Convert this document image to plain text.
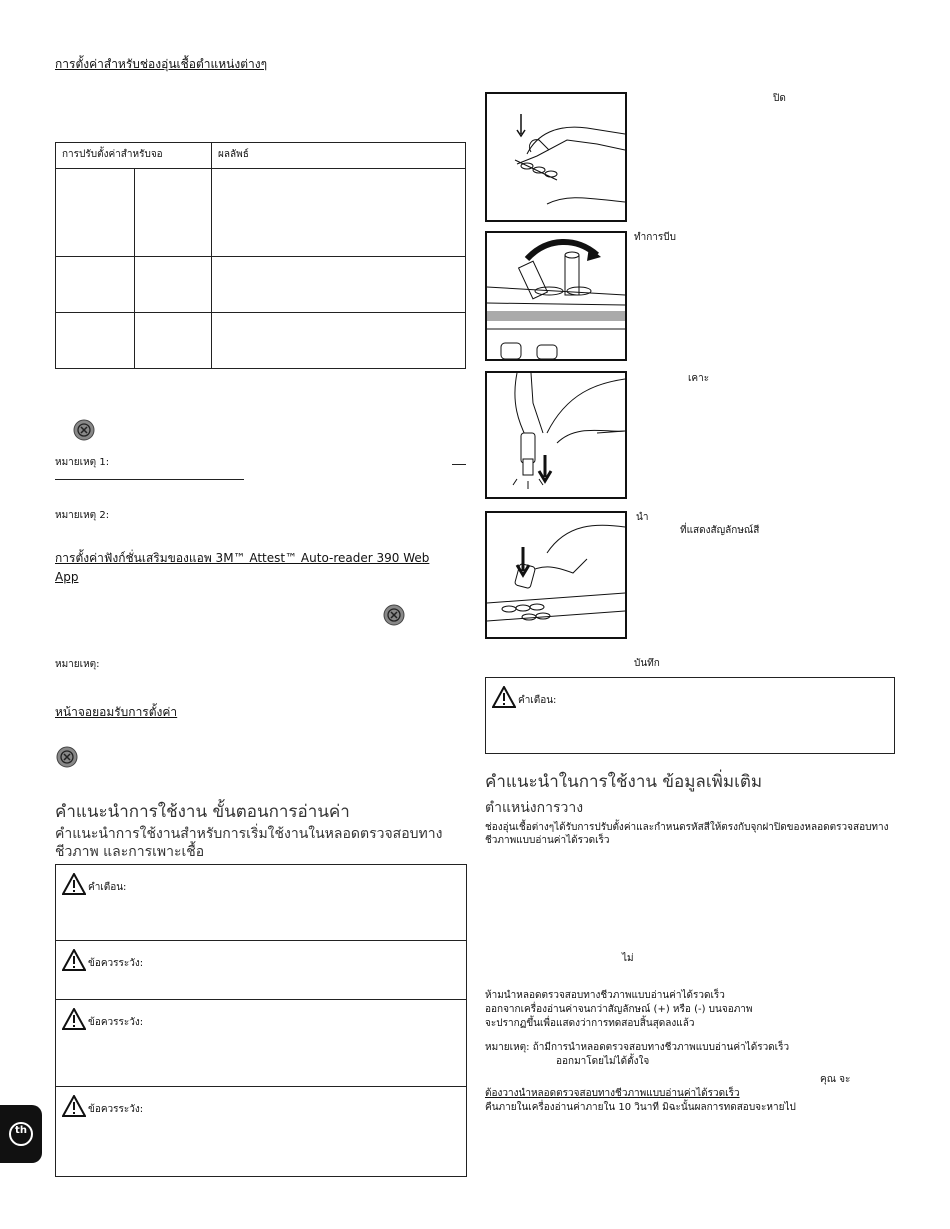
การตั้งค่าสำหรับช่องอุ่นเชื้อตำแหน่งต่างๆ
การปรับตั้งค่าสำหรับจอ		ผลลัพธ์

หมายเหตุ 1:
หมายเหตุ 2:
การตั้งค่าฟังก์ชั่นเสริมของแอพ 3M™ Attest™ Auto-reader 390 Web App
หมายเหตุ:
หน้าจอยอมรับการตั้งค่า
คำแนะนำการใช้งาน ขั้นตอนการอ่านค่า
คำแนะนำการใช้งานสำหรับการเริ่มใช้งานในหลอดตรวจสอบทางชีวภาพ และการเพาะเชื้อ
คำเตือน:
ข้อควรระวัง:
ข้อควรระวัง:
ข้อควรระวัง:
th
ปิด
ทำการบีบ
เคาะ
นำ
ที่แสดงสัญลักษณ์สี
บันทึก
คำเตือน:
คำแนะนำในการใช้งาน ข้อมูลเพิ่มเติม
ตำแหน่งการวาง
ช่องอุ่นเชื้อต่างๆได้รับการปรับตั้งค่าและกำหนดรหัสสีให้ตรงกับจุกฝาปิดของหลอดตรวจสอบทางชีวภาพแบบอ่านค่าได้รวดเร็ว
ไม่
ห้ามนำหลอดตรวจสอบทางชีวภาพแบบอ่านค่าได้รวดเร็ว
ออกจากเครื่องอ่านค่าจนกว่าสัญลักษณ์ (+) หรือ (-) บนจอภาพ
จะปรากฏขึ้นเพื่อแสดงว่าการทดสอบสิ้นสุดลงแล้ว
หมายเหตุ: ถ้ามีการนำหลอดตรวจสอบทางชีวภาพแบบอ่านค่าได้รวดเร็ว
ออกมาโดยไม่ได้ตั้งใจ
คุณ จะ
ต้องวางนำหลอดตรวจสอบทางชีวภาพแบบอ่านค่าได้รวดเร็ว
คืนภายในเครื่องอ่านค่าภายใน 10 วินาที มิฉะนั้นผลการทดสอบจะหายไป
